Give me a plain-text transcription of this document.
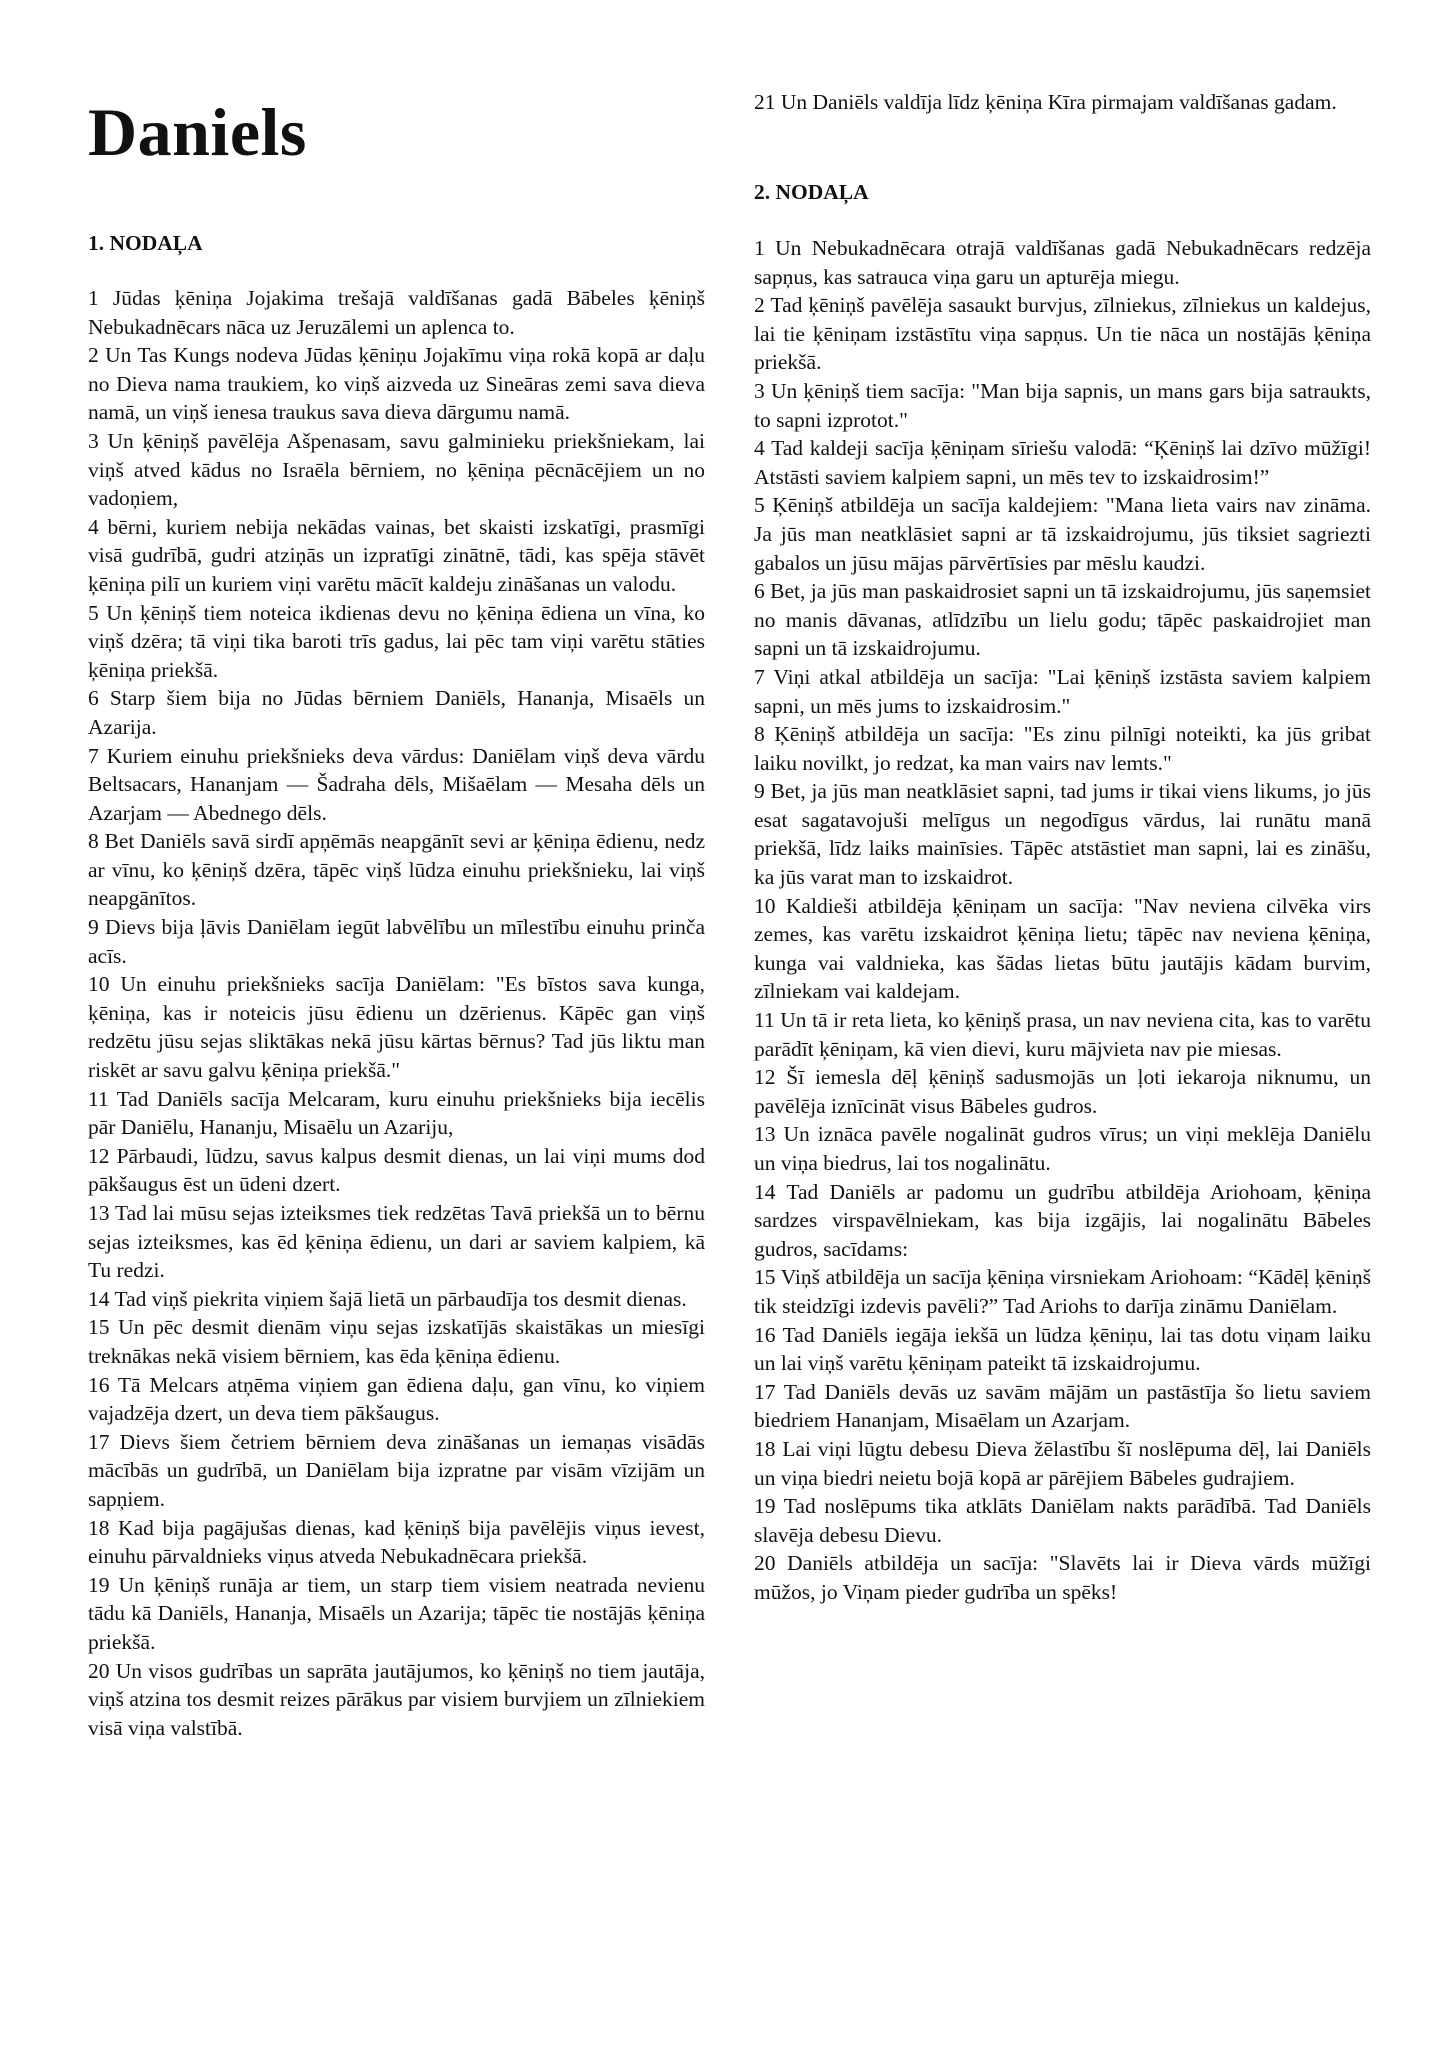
Daniels
1. NODAĻA

1 Jūdas ķēniņa Jojakima trešajā valdīšanas gadā Bābeles ķēniņš Nebukadnēcars nāca uz Jeruzālemi un aplenca to.

2 Un Tas Kungs nodeva Jūdas ķēniņu Jojakīmu viņa rokā kopā ar daļu no Dieva nama traukiem, ko viņš aizveda uz Sineāras zemi sava dieva namā, un viņš ienesa traukus sava dieva dārgumu namā.

3 Un ķēniņš pavēlēja Ašpenasam, savu galminieku priekšniekam, lai viņš atved kādus no Israēla bērniem, no ķēniņa pēcnācējiem un no vadoņiem,

4 bērni, kuriem nebija nekādas vainas, bet skaisti izskatīgi, prasmīgi visā gudrībā, gudri atziņās un izpratīgi zinātnē, tādi, kas spēja stāvēt ķēniņa pilī un kuriem viņi varētu mācīt kaldeju zināšanas un valodu.

5 Un ķēniņš tiem noteica ikdienas devu no ķēniņa ēdiena un vīna, ko viņš dzēra; tā viņi tika baroti trīs gadus, lai pēc tam viņi varētu stāties ķēniņa priekšā.

6 Starp šiem bija no Jūdas bērniem Daniēls, Hananja, Misaēls un Azarija.

7 Kuriem einuhu priekšnieks deva vārdus: Daniēlam viņš deva vārdu Beltsacars, Hananjam — Šadraha dēls, Mišaēlam — Mesaha dēls un Azarjam — Abednego dēls.

8 Bet Daniēls savā sirdī apņēmās neapgānīt sevi ar ķēniņa ēdienu, nedz ar vīnu, ko ķēniņš dzēra, tāpēc viņš lūdza einuhu priekšnieku, lai viņš neapgānītos.

9 Dievs bija ļāvis Daniēlam iegūt labvēlību un mīlestību einuhu prinča acīs.

10 Un einuhu priekšnieks sacīja Daniēlam: "Es bīstos sava kunga, ķēniņa, kas ir noteicis jūsu ēdienu un dzērienus. Kāpēc gan viņš redzētu jūsu sejas sliktākas nekā jūsu kārtas bērnus? Tad jūs liktu man riskēt ar savu galvu ķēniņa priekšā."

11 Tad Daniēls sacīja Melcaram, kuru einuhu priekšnieks bija iecēlis pār Daniēlu, Hananju, Misaēlu un Azariju,

12 Pārbaudi, lūdzu, savus kalpus desmit dienas, un lai viņi mums dod pākšaugus ēst un ūdeni dzert.

13 Tad lai mūsu sejas izteiksmes tiek redzētas Tavā priekšā un to bērnu sejas izteiksmes, kas ēd ķēniņa ēdienu, un dari ar saviem kalpiem, kā Tu redzi.

14 Tad viņš piekrita viņiem šajā lietā un pārbaudīja tos desmit dienas.

15 Un pēc desmit dienām viņu sejas izskatījās skaistākas un miesīgi treknākas nekā visiem bērniem, kas ēda ķēniņa ēdienu.

16 Tā Melcars atņēma viņiem gan ēdiena daļu, gan vīnu, ko viņiem vajadzēja dzert, un deva tiem pākšaugus.

17 Dievs šiem četriem bērniem deva zināšanas un iemaņas visādās mācībās un gudrībā, un Daniēlam bija izpratne par visām vīzijām un sapņiem.

18 Kad bija pagājušas dienas, kad ķēniņš bija pavēlējis viņus ievest, einuhu pārvaldnieks viņus atveda Nebukadnēcara priekšā.

19 Un ķēniņš runāja ar tiem, un starp tiem visiem neatrada nevienu tādu kā Daniēls, Hananja, Misaēls un Azarija; tāpēc tie nostājās ķēniņa priekšā.

20 Un visos gudrības un saprāta jautājumos, ko ķēniņš no tiem jautāja, viņš atzina tos desmit reizes pārākus par visiem burvjiem un zīlniekiem visā viņa valstībā.

21 Un Daniēls valdīja līdz ķēniņa Kīra pirmajam valdīšanas gadam.

2. NODAĻA

1 Un Nebukadnēcara otrajā valdīšanas gadā Nebukadnēcars redzēja sapņus, kas satrauca viņa garu un apturēja miegu.

2 Tad ķēniņš pavēlēja sasaukt burvjus, zīlniekus, zīlniekus un kaldejus, lai tie ķēniņam izstāstītu viņa sapņus. Un tie nāca un nostājās ķēniņa priekšā.

3 Un ķēniņš tiem sacīja: "Man bija sapnis, un mans gars bija satraukts, to sapni izprotot."

4 Tad kaldeji sacīja ķēniņam sīriešu valodā: “Ķēniņš lai dzīvo mūžīgi! Atstāsti saviem kalpiem sapni, un mēs tev to izskaidrosim!”

5 Ķēniņš atbildēja un sacīja kaldejiem: "Mana lieta vairs nav zināma. Ja jūs man neatklāsiet sapni ar tā izskaidrojumu, jūs tiksiet sagriezti gabalos un jūsu mājas pārvērtīsies par mēslu kaudzi.

6 Bet, ja jūs man paskaidrosiet sapni un tā izskaidrojumu, jūs saņemsiet no manis dāvanas, atlīdzību un lielu godu; tāpēc paskaidrojiet man sapni un tā izskaidrojumu.

7 Viņi atkal atbildēja un sacīja: "Lai ķēniņš izstāsta saviem kalpiem sapni, un mēs jums to izskaidrosim."

8 Ķēniņš atbildēja un sacīja: "Es zinu pilnīgi noteikti, ka jūs gribat laiku novilkt, jo redzat, ka man vairs nav lemts."

9 Bet, ja jūs man neatklāsiet sapni, tad jums ir tikai viens likums, jo jūs esat sagatavojuši melīgus un negodīgus vārdus, lai runātu manā priekšā, līdz laiks mainīsies. Tāpēc atstāstiet man sapni, lai es zināšu, ka jūs varat man to izskaidrot.

10 Kaldieši atbildēja ķēniņam un sacīja: "Nav neviena cilvēka virs zemes, kas varētu izskaidrot ķēniņa lietu; tāpēc nav neviena ķēniņa, kunga vai valdnieka, kas šādas lietas būtu jautājis kādam burvim, zīlniekam vai kaldejam.

11 Un tā ir reta lieta, ko ķēniņš prasa, un nav neviena cita, kas to varētu parādīt ķēniņam, kā vien dievi, kuru mājvieta nav pie miesas.

12 Šī iemesla dēļ ķēniņš sadusmojās un ļoti iekaroja niknumu, un pavēlēja iznīcināt visus Bābeles gudros.

13 Un iznāca pavēle nogalināt gudros vīrus; un viņi meklēja Daniēlu un viņa biedrus, lai tos nogalinātu.

14 Tad Daniēls ar padomu un gudrību atbildēja Ariohoam, ķēniņa sardzes virspavēlniekam, kas bija izgājis, lai nogalinātu Bābeles gudros, sacīdams:

15 Viņš atbildēja un sacīja ķēniņa virsniekam Ariohoam: “Kādēļ ķēniņš tik steidzīgi izdevis pavēli?” Tad Ariohs to darīja zināmu Daniēlam.

16 Tad Daniēls iegāja iekšā un lūdza ķēniņu, lai tas dotu viņam laiku un lai viņš varētu ķēniņam pateikt tā izskaidrojumu.

17 Tad Daniēls devās uz savām mājām un pastāstīja šo lietu saviem biedriem Hananjam, Misaēlam un Azarjam.

18 Lai viņi lūgtu debesu Dieva žēlastību šī noslēpuma dēļ, lai Daniēls un viņa biedri neietu bojā kopā ar pārējiem Bābeles gudrajiem.

19 Tad noslēpums tika atklāts Daniēlam nakts parādībā. Tad Daniēls slavēja debesu Dievu.

20 Daniēls atbildēja un sacīja: "Slavēts lai ir Dieva vārds mūžīgi mūžos, jo Viņam pieder gudrība un spēks!
